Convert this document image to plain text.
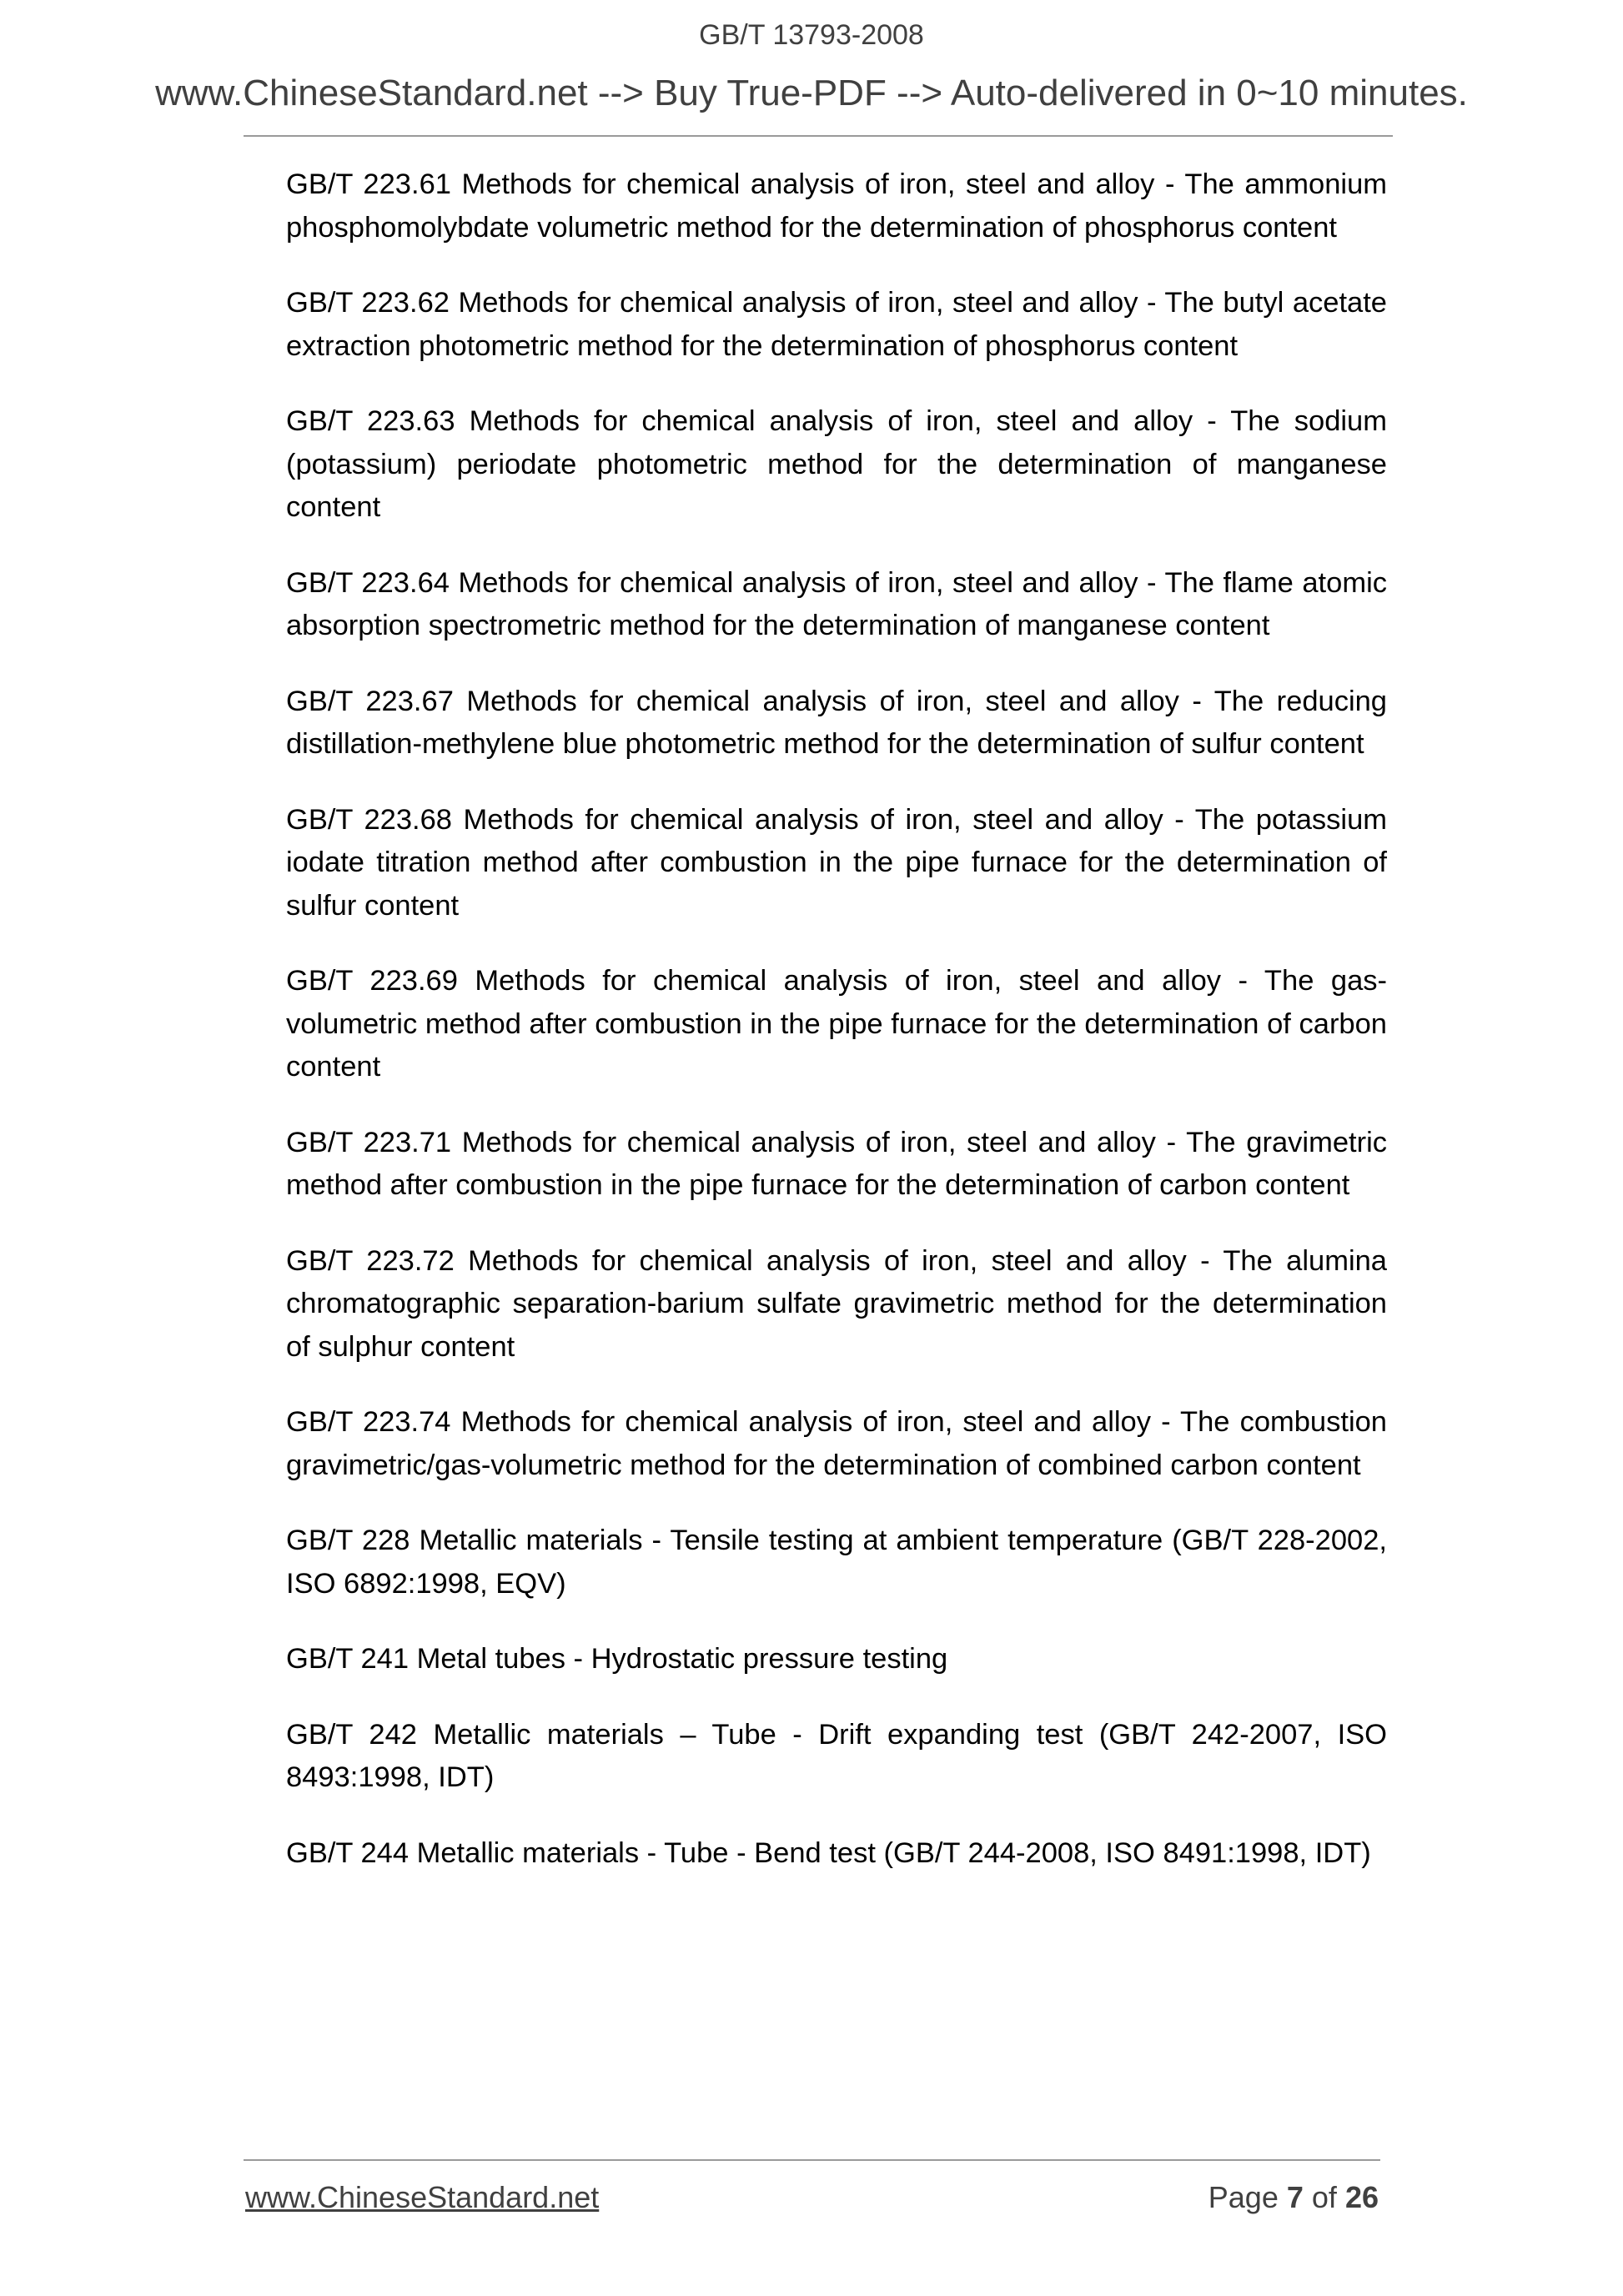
GB/T 13793-2008
www.ChineseStandard.net --> Buy True-PDF --> Auto-delivered in 0~10 minutes.

GB/T 223.61 Methods for chemical analysis of iron, steel and alloy - The ammonium phosphomolybdate volumetric method for the determination of phosphorus content

GB/T 223.62 Methods for chemical analysis of iron, steel and alloy - The butyl acetate extraction photometric method for the determination of phosphorus content

GB/T 223.63 Methods for chemical analysis of iron, steel and alloy - The sodium (potassium) periodate photometric method for the determination of manganese content

GB/T 223.64 Methods for chemical analysis of iron, steel and alloy - The flame atomic absorption spectrometric method for the determination of manganese content

GB/T 223.67 Methods for chemical analysis of iron, steel and alloy - The reducing distillation-methylene blue photometric method for the determination of sulfur content

GB/T 223.68 Methods for chemical analysis of iron, steel and alloy - The potassium iodate titration method after combustion in the pipe furnace for the determination of sulfur content

GB/T 223.69 Methods for chemical analysis of iron, steel and alloy - The gas-volumetric method after combustion in the pipe furnace for the determination of carbon content

GB/T 223.71 Methods for chemical analysis of iron, steel and alloy - The gravimetric method after combustion in the pipe furnace for the determination of carbon content

GB/T 223.72 Methods for chemical analysis of iron, steel and alloy - The alumina chromatographic separation-barium sulfate gravimetric method for the determination of sulphur content

GB/T 223.74 Methods for chemical analysis of iron, steel and alloy - The combustion gravimetric/gas-volumetric method for the determination of combined carbon content

GB/T 228 Metallic materials - Tensile testing at ambient temperature (GB/T 228-2002, ISO 6892:1998, EQV)

GB/T 241 Metal tubes - Hydrostatic pressure testing

GB/T 242 Metallic materials – Tube - Drift expanding test (GB/T 242-2007, ISO 8493:1998, IDT)

GB/T 244 Metallic materials - Tube - Bend test (GB/T 244-2008, ISO 8491:1998, IDT)

www.ChineseStandard.net	Page 7 of 26
